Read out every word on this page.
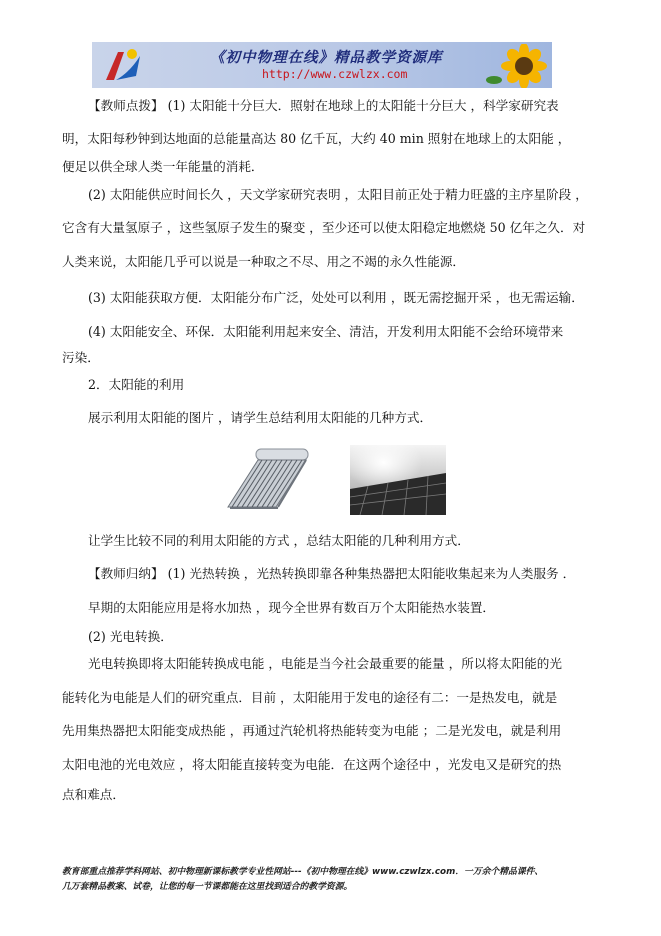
《初中物理在线》精品教学资源库
http://www.czwlzx.com
【教师点拨】 (1) 太阳能十分巨大．照射在地球上的太阳能十分巨大 ，科学家研究表
明，太阳每秒钟到达地面的总能量高达 80 亿千瓦，大约 40 min 照射在地球上的太阳能 ，
便足以供全球人类一年能量的消耗．
(2) 太阳能供应时间长久 ，天文学家研究表明 ，太阳目前正处于精力旺盛的主序星阶段 ，
它含有大量氢原子 ，这些氢原子发生的聚变 ，至少还可以使太阳稳定地燃烧 50 亿年之久．对
人类来说，太阳能几乎可以说是一种取之不尽、用之不竭的永久性能源．
(3) 太阳能获取方便．太阳能分布广泛，处处可以利用 ，既无需挖掘开采 ，也无需运输．
(4) 太阳能安全、环保．太阳能利用起来安全、清洁，开发利用太阳能不会给环境带来
污染．
2．太阳能的利用
展示利用太阳能的图片 ，请学生总结利用太阳能的几种方式．
让学生比较不同的利用太阳能的方式 ，总结太阳能的几种利用方式．
【教师归纳】 (1) 光热转换 ，光热转换即靠各种集热器把太阳能收集起来为人类服务 ．
早期的太阳能应用是将水加热 ，现今全世界有数百万个太阳能热水装置．
(2) 光电转换．
光电转换即将太阳能转换成电能 ，电能是当今社会最重要的能量 ，所以将太阳能的光
能转化为电能是人们的研究重点．目前 ，太阳能用于发电的途径有二：一是热发电，就是
先用集热器把太阳能变成热能 ，再通过汽轮机将热能转变为电能 ；二是光发电，就是利用
太阳电池的光电效应 ，将太阳能直接转变为电能．在这两个途径中 ，光发电又是研究的热
点和难点．
教育部重点推荐学科网站、初中物理新课标教学专业性网站---《初中物理在线》www.czwlzx.com．一万余个精品课件、
几万套精品教案、试卷，让您的每一节课都能在这里找到适合的教学资源。
